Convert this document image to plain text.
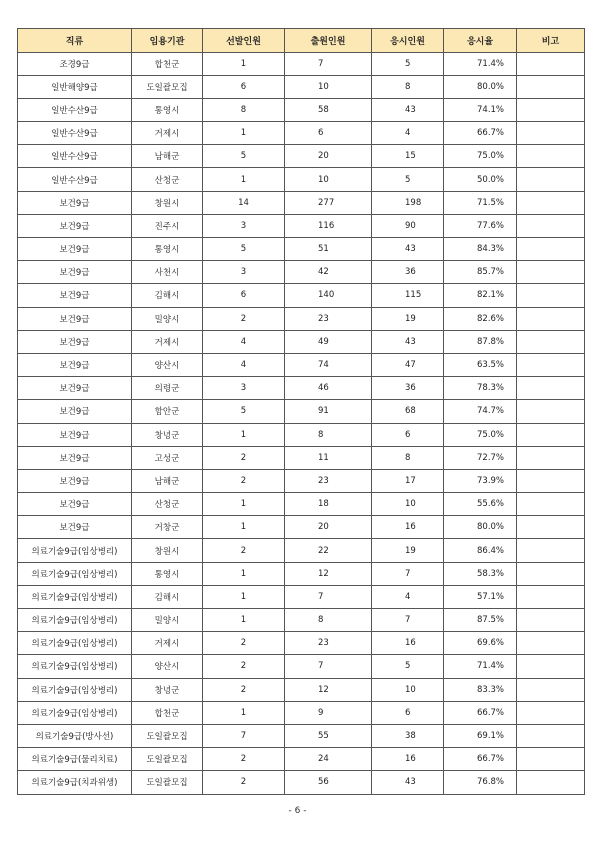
직류	임용기관	선발인원	출원인원	응시인원	응시율	비고
조경9급	합천군	1	7	5	71.4%	
일반해양9급	도일괄모집	6	10	8	80.0%	
일반수산9급	통영시	8	58	43	74.1%	
일반수산9급	거제시	1	6	4	66.7%	
일반수산9급	남해군	5	20	15	75.0%	
일반수산9급	산청군	1	10	5	50.0%	
보건9급	창원시	14	277	198	71.5%	
보건9급	진주시	3	116	90	77.6%	
보건9급	통영시	5	51	43	84.3%	
보건9급	사천시	3	42	36	85.7%	
보건9급	김해시	6	140	115	82.1%	
보건9급	밀양시	2	23	19	82.6%	
보건9급	거제시	4	49	43	87.8%	
보건9급	양산시	4	74	47	63.5%	
보건9급	의령군	3	46	36	78.3%	
보건9급	함안군	5	91	68	74.7%	
보건9급	창녕군	1	8	6	75.0%	
보건9급	고성군	2	11	8	72.7%	
보건9급	남해군	2	23	17	73.9%	
보건9급	산청군	1	18	10	55.6%	
보건9급	거창군	1	20	16	80.0%	
의료기술9급(임상병리)	창원시	2	22	19	86.4%	
의료기술9급(임상병리)	통영시	1	12	7	58.3%	
의료기술9급(임상병리)	김해시	1	7	4	57.1%	
의료기술9급(임상병리)	밀양시	1	8	7	87.5%	
의료기술9급(임상병리)	거제시	2	23	16	69.6%	
의료기술9급(임상병리)	양산시	2	7	5	71.4%	
의료기술9급(임상병리)	창녕군	2	12	10	83.3%	
의료기술9급(임상병리)	합천군	1	9	6	66.7%	
의료기술9급(방사선)	도일괄모집	7	55	38	69.1%	
의료기술9급(물리치료)	도일괄모집	2	24	16	66.7%	
의료기술9급(치과위생)	도일괄모집	2	56	43	76.8%	
- 6 -
